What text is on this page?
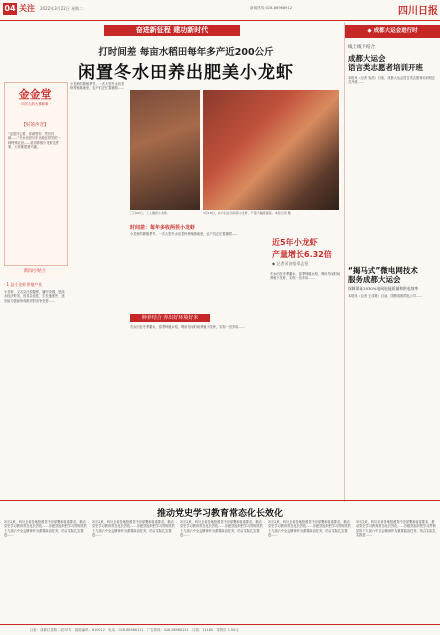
04 关注 2022年3月22日 星期二	新闻热线:028-86968912	四川日报
奋进新征程 建功新时代
打时间差 每亩水稻田每年多产近200公斤
闲置冬水田养出肥美小龙虾
金金堂
· 四川人的大事和事 ·
【好的声音】
“也很开心要、你就等你、然后你就……”冬水田是川东北地区常见的一种特殊农田……说到养殖小龙虾这件事，大家都很感兴趣。
新闻小贴士
· 1 县小龙虾养殖产业
小龙虾、又名克氏原螯虾，属甲壳纲，是淡水经济虾类，因其杂食性、生长速度快、适应能力强而形成绝对的竞争优势……
小龙虾的繁殖季节，一次大型冬水田龙虾养殖基地里，农户们正忙着捕捞……
三月20日，工人捕捞小龙虾。	3月18日，农户们在田间捞小龙虾，产量大幅度提高。本报记者 摄
时间差：每年多收两茬小龙虾
小龙虾的繁殖季节，一次大型冬水田龙虾养殖基地里，农户们正忙着捕捞……
种养结合 养出好环境好米
冬水田在冬季蓄水，春季种植水稻，利用冬闲时间养殖小龙虾，实现一田多用……
近5年小龙虾
产量增长6.32倍
◆ 记者采访组邓志坚
冬水田在冬季蓄水，春季种植水稻，利用冬闲时间养殖小龙虾，实现一田多用……
◆ 成都大运会进行时
线上线下结合
成都大运会
语言类志愿者培训开班
本报讯（记者 吴浩）日前，成都大运会语言类志愿者培训班正式开班……
“揭马式”微电网技术
服务成都大运会
保障保证2030%电网电能质量和供电效率
本报讯（记者 王成栋）目前，国网成都供电公司……
推动党史学习教育常态化长效化
3月以来，四川全省各地按照党中央部署和省委要求，推动党史学习教育常态化长效化……各级党组织把学习贯彻党的十九届六中全会精神作为重要政治任务，结合实际扎实推进……
3月以来，四川全省各地按照党中央部署和省委要求，推动党史学习教育常态化长效化……各级党组织把学习贯彻党的十九届六中全会精神作为重要政治任务，结合实际扎实推进……
3月以来，四川全省各地按照党中央部署和省委要求，推动党史学习教育常态化长效化……各级党组织把学习贯彻党的十九届六中全会精神作为重要政治任务，结合实际扎实推进……
3月以来，四川全省各地按照党中央部署和省委要求，推动党史学习教育常态化长效化……各级党组织把学习贯彻党的十九届六中全会精神作为重要政治任务，结合实际扎实推进……
3月以来，四川全省各地按照党中央部署和省委要求，推动党史学习教育常态化长效化……各级党组织把学习贯彻党的十九届六中全会精神作为重要政治任务，结合实际扎实推进……
社址：成都红星路二段70号　邮政编码：610012　电话：028-86968111　广告热线：028-86968151　订阅：11185　零售价 1.50元
